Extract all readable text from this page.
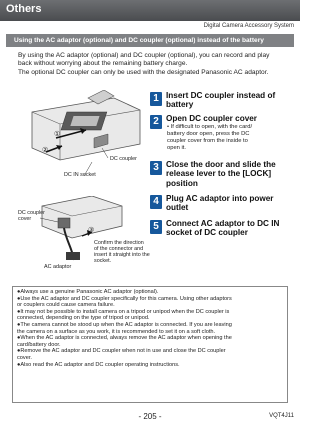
Others
Digital Camera Accessory System
Using the AC adaptor (optional) and DC coupler (optional) instead of the battery
By using the AC adaptor (optional) and DC coupler (optional), you can record and play
back without worrying about the remaining battery charge.
The optional DC coupler can only be used with the designated Panasonic AC adaptor.
①
②
DC coupler
DC IN socket
③
DC coupler
cover
AC adaptor
Confirm the direction
of the connector and
insert it straight into the
socket.
1 Insert DC coupler instead of
battery
2 Open DC coupler cover
• If difficult to open, with the card/
battery door open, press the DC
coupler cover from the inside to
open it.
3 Close the door and slide the
release lever to the [LOCK]
position
4 Plug AC adaptor into power
outlet
5 Connect AC adaptor to DC IN
socket of DC coupler
●Always use a genuine Panasonic AC adaptor (optional).
●Use the AC adaptor and DC coupler specifically for this camera. Using other adaptors
or couplers could cause camera failure.
●It may not be possible to install camera on a tripod or unipod when the DC coupler is
connected, depending on the type of tripod or unipod.
●The camera cannot be stood up when the AC adaptor is connected. If you are leaving
the camera on a surface as you work, it is recommended to set it on a soft cloth.
●When the AC adaptor is connected, always remove the AC adaptor when opening the
card/battery door.
●Remove the AC adaptor and DC coupler when not in use and close the DC coupler
cover.
●Also read the AC adaptor and DC coupler operating instructions.
- 205 -	VQT4J11
